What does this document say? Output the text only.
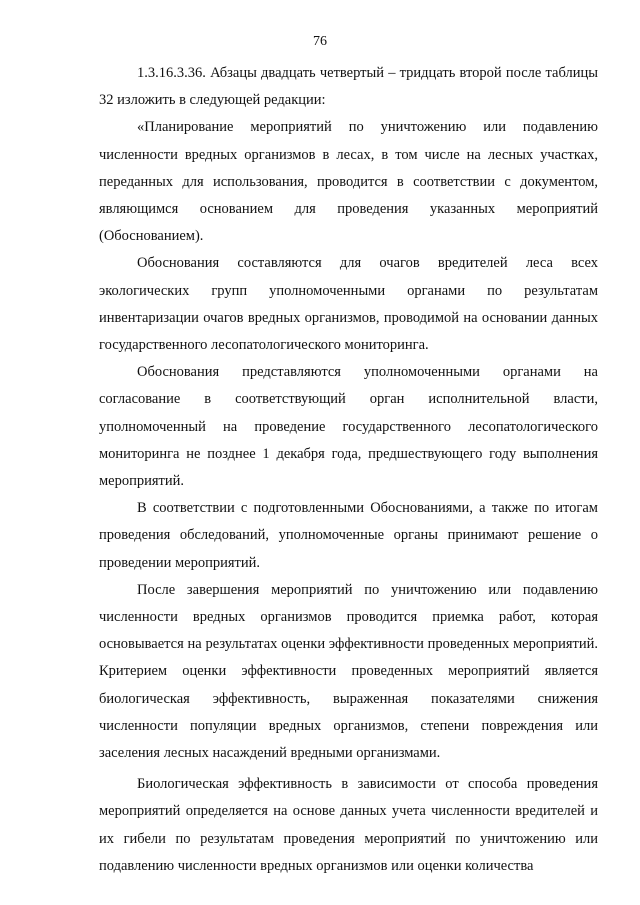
76

1.3.16.3.36. Абзацы двадцать четвертый – тридцать второй после таблицы 32 изложить в следующей редакции:

«Планирование мероприятий по уничтожению или подавлению численности вредных организмов в лесах, в том числе на лесных участках, переданных для использования, проводится в соответствии с документом, являющимся основанием для проведения указанных мероприятий (Обоснованием).

Обоснования составляются для очагов вредителей леса всех экологических групп уполномоченными органами по результатам инвентаризации очагов вредных организмов, проводимой на основании данных государственного лесопатологического мониторинга.

Обоснования представляются уполномоченными органами на согласование в соответствующий орган исполнительной власти, уполномоченный на проведение государственного лесопатологического мониторинга не позднее 1 декабря года, предшествующего году выполнения мероприятий.

В соответствии с подготовленными Обоснованиями, а также по итогам проведения обследований, уполномоченные органы принимают решение о проведении мероприятий.

После завершения мероприятий по уничтожению или подавлению численности вредных организмов проводится приемка работ, которая основывается на результатах оценки эффективности проведенных мероприятий. Критерием оценки эффективности проведенных мероприятий является биологическая эффективность, выраженная показателями снижения численности популяции вредных организмов, степени повреждения или заселения лесных насаждений вредными организмами.

Биологическая эффективность в зависимости от способа проведения мероприятий определяется на основе данных учета численности вредителей и их гибели по результатам проведения мероприятий по уничтожению или подавлению численности вредных организмов или оценки количества
